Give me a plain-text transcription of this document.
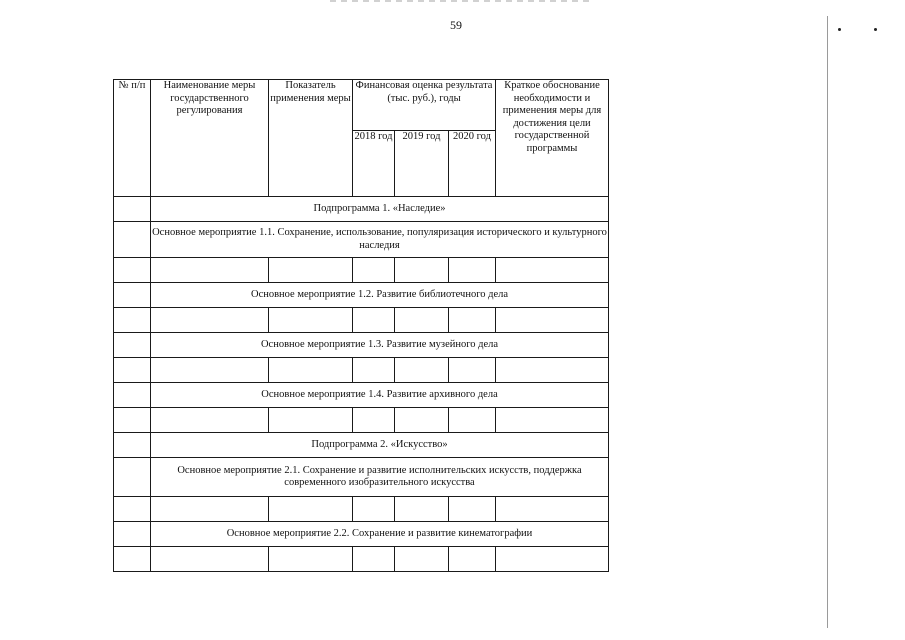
59
№ п/п	Наименование меры государственного регулирования	Показатель применения меры	Финансовая оценка результата (тыс. руб.), годы			Краткое обоснование необходимости и применения меры для достижения цели государственной программы

			2018 год	2019 год	2020 год	

	Подпрограмма 1. «Наследие»					
	Основное мероприятие 1.1. Сохранение, использование, популяризация исторического и культурного наследия					

	Основное мероприятие 1.2. Развитие библиотечного дела					

	Основное мероприятие 1.3. Развитие музейного дела					

	Основное мероприятие 1.4. Развитие архивного дела					

	Подпрограмма 2. «Искусство»					
	Основное мероприятие 2.1. Сохранение и развитие исполнительских искусств, поддержка современного изобразительного искусства					

	Основное мероприятие 2.2. Сохранение и развитие кинематографии					
